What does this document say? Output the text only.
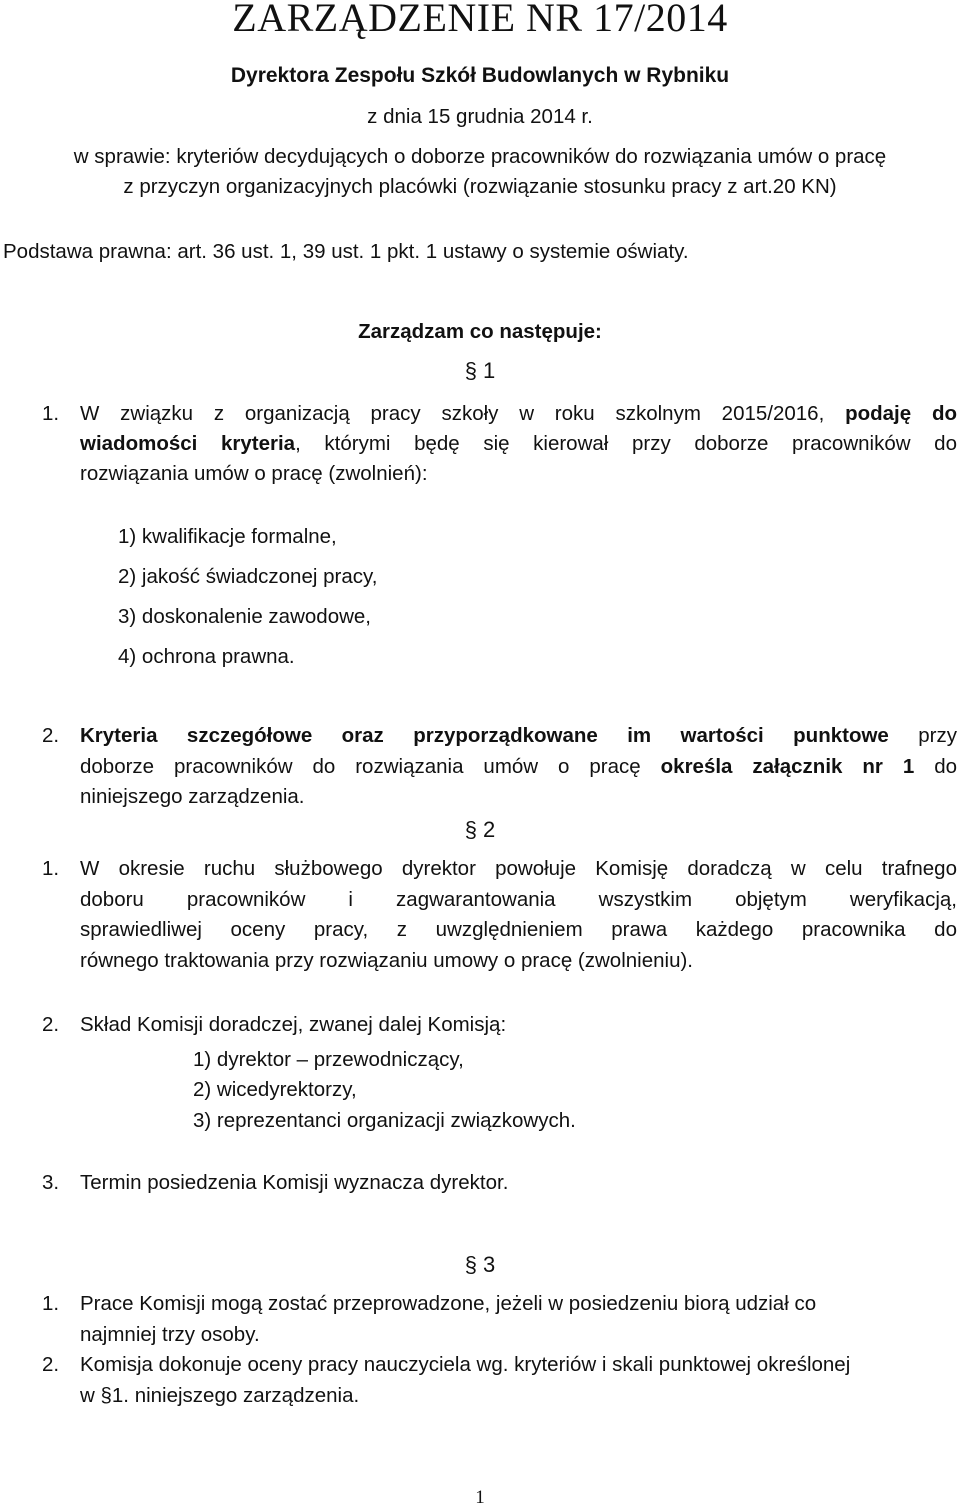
ZARZĄDZENIE NR 17/2014
Dyrektora Zespołu Szkół Budowlanych w Rybniku
z dnia 15 grudnia 2014 r.
w sprawie: kryteriów decydujących o doborze pracowników do rozwiązania umów o pracę
z przyczyn organizacyjnych placówki (rozwiązanie stosunku pracy z art.20 KN)
Podstawa prawna: art. 36 ust. 1, 39 ust. 1 pkt. 1 ustawy o systemie oświaty.
Zarządzam co następuje:
§ 1
1. W związku z organizacją pracy szkoły w roku szkolnym 2015/2016, podaję do
wiadomości kryteria, którymi będę się kierował przy doborze pracowników do
rozwiązania umów o pracę (zwolnień):
1) kwalifikacje formalne,
2) jakość świadczonej pracy,
3) doskonalenie zawodowe,
4) ochrona prawna.
2. Kryteria szczegółowe oraz przyporządkowane im wartości punktowe przy
doborze pracowników do rozwiązania umów o pracę określa załącznik nr 1 do
niniejszego zarządzenia.
§ 2
1. W okresie ruchu służbowego dyrektor powołuje Komisję doradczą w celu trafnego
doboru pracowników i zagwarantowania wszystkim objętym weryfikacją,
sprawiedliwej oceny pracy, z uwzględnieniem prawa każdego pracownika do
równego traktowania przy rozwiązaniu umowy o pracę (zwolnieniu).
2. Skład Komisji doradczej, zwanej dalej Komisją:
1) dyrektor – przewodniczący,
2) wicedyrektorzy,
3) reprezentanci organizacji związkowych.
3. Termin posiedzenia Komisji wyznacza dyrektor.
§ 3
1. Prace Komisji mogą zostać przeprowadzone, jeżeli w posiedzeniu biorą udział co
najmniej trzy osoby.
2. Komisja dokonuje oceny pracy nauczyciela wg. kryteriów i skali punktowej określonej
w §1. niniejszego zarządzenia.
1
